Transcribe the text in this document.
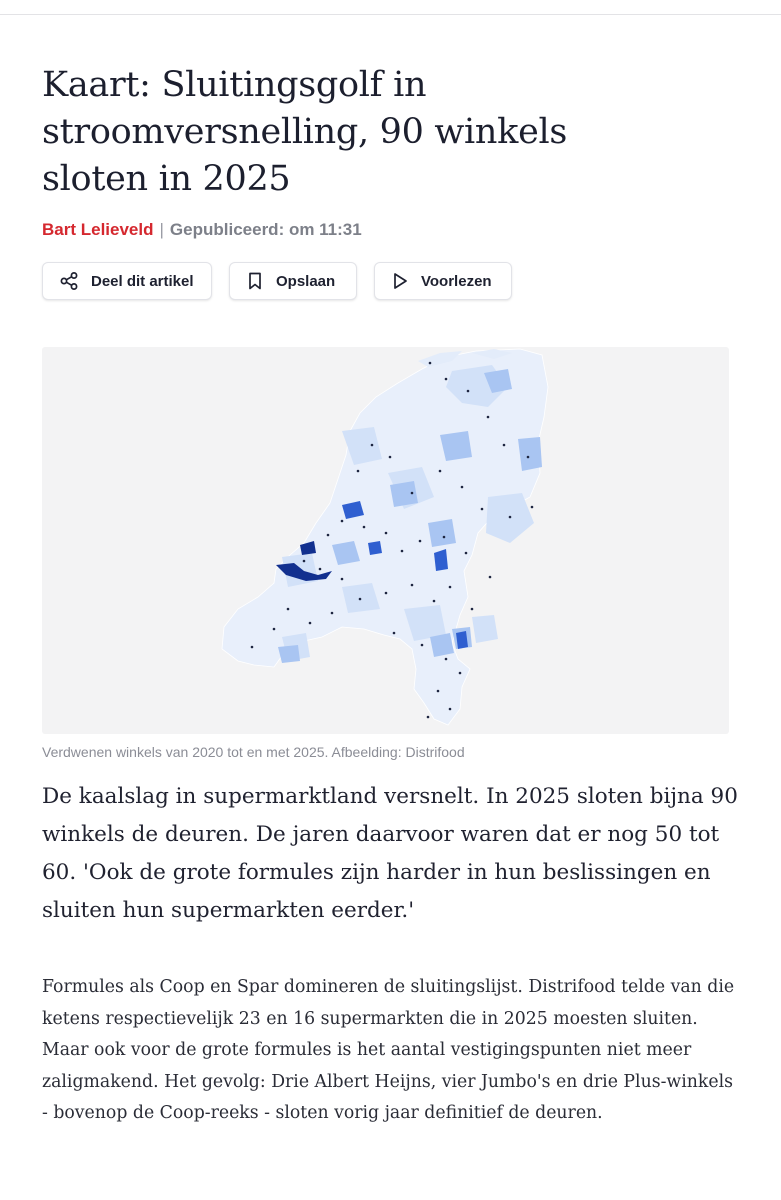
Kaart: Sluitingsgolf in stroomversnelling, 90 winkels sloten in 2025
Bart Lelieveld | Gepubliceerd: om 11:31
Deel dit artikel	Opslaan	Voorlezen
Verdwenen winkels van 2020 tot en met 2025. Afbeelding: Distrifood

De kaalslag in supermarktland versnelt. In 2025 sloten bijna 90 winkels de deuren. De jaren daarvoor waren dat er nog 50 tot 60. 'Ook de grote formules zijn harder in hun beslissingen en sluiten hun supermarkten eerder.'

Formules als Coop en Spar domineren de sluitingslijst. Distrifood telde van die ketens respectievelijk 23 en 16 supermarkten die in 2025 moesten sluiten. Maar ook voor de grote formules is het aantal vestigingspunten niet meer zaligmakend. Het gevolg: Drie Albert Heijns, vier Jumbo's en drie Plus-winkels - bovenop de Coop-reeks - sloten vorig jaar definitief de deuren.
